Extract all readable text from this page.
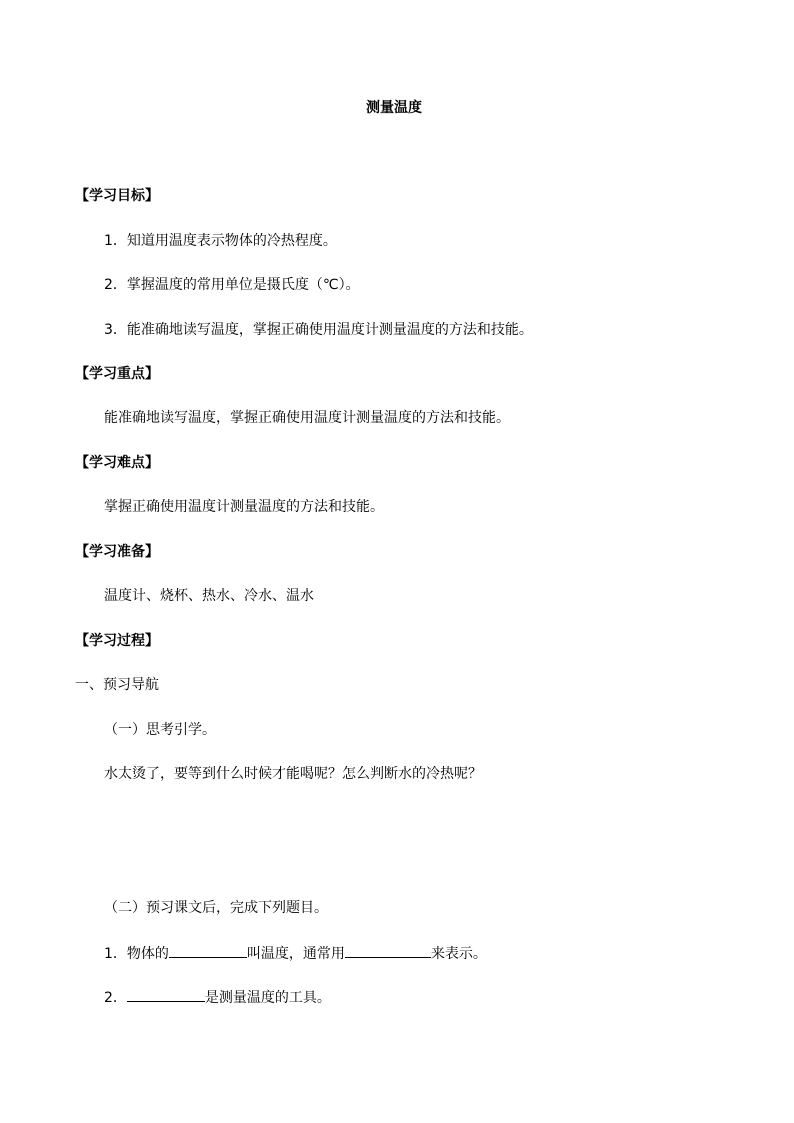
测量温度
【学习目标】
1．知道用温度表示物体的冷热程度。
2．掌握温度的常用单位是摄氏度（℃）。
3．能准确地读写温度，掌握正确使用温度计测量温度的方法和技能。
【学习重点】
能准确地读写温度，掌握正确使用温度计测量温度的方法和技能。
【学习难点】
掌握正确使用温度计测量温度的方法和技能。
【学习准备】
温度计、烧杯、热水、冷水、温水
【学习过程】
一、预习导航
（一）思考引学。
水太烫了，要等到什么时候才能喝呢？怎么判断水的冷热呢？
（二）预习课文后，完成下列题目。
1．物体的	叫温度，通常用	来表示。
2．	是测量温度的工具。
